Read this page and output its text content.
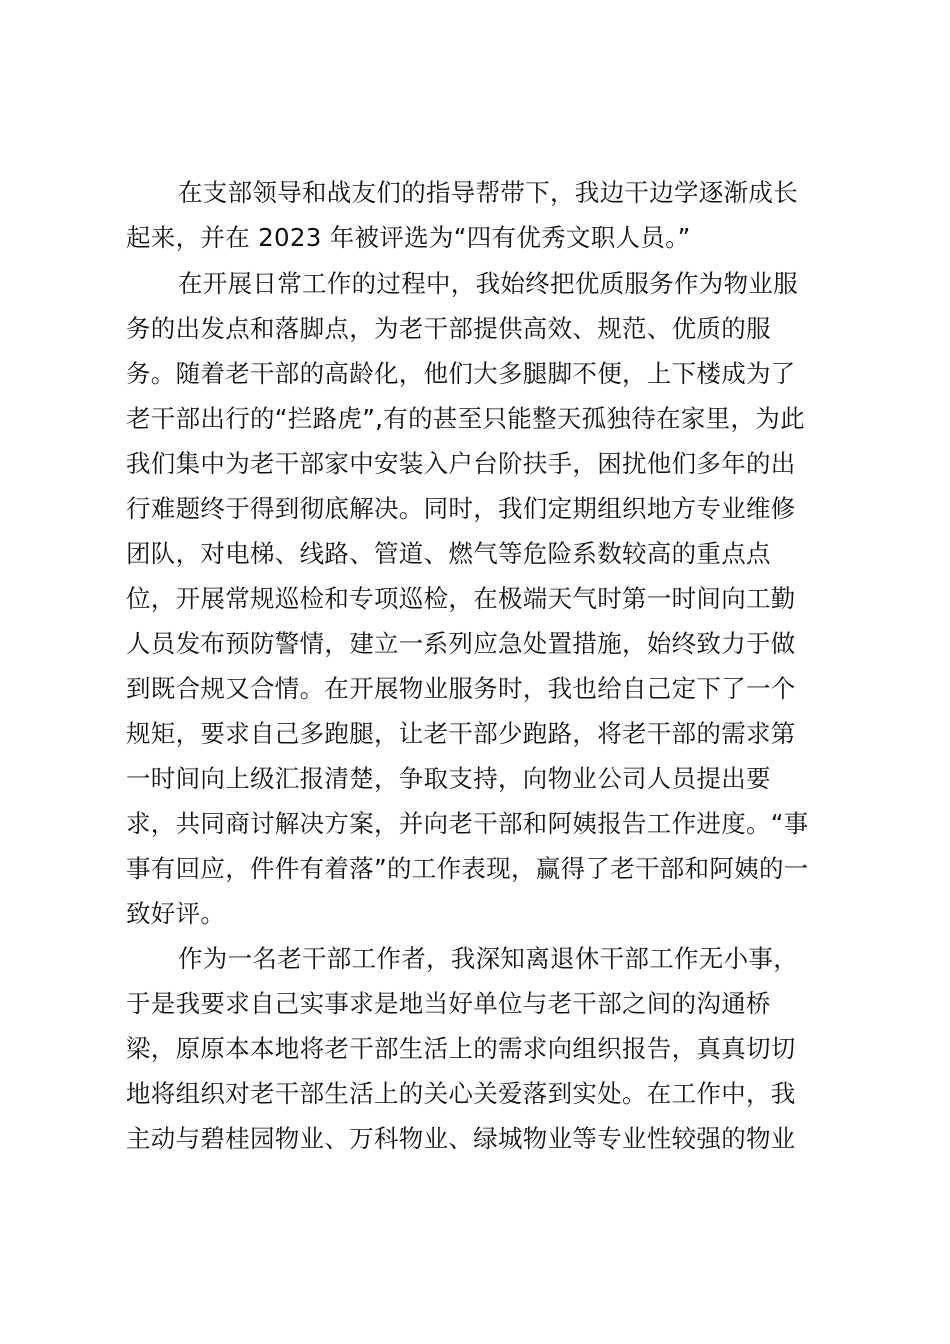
在支部领导和战友们的指导帮带下，我边干边学逐渐成长
起来，并在 2023 年被评选为“四有优秀文职人员。”
在开展日常工作的过程中，我始终把优质服务作为物业服
务的出发点和落脚点，为老干部提供高效、规范、优质的服
务。随着老干部的高龄化，他们大多腿脚不便，上下楼成为了
老干部出行的“拦路虎”,有的甚至只能整天孤独待在家里，为此
我们集中为老干部家中安装入户台阶扶手，困扰他们多年的出
行难题终于得到彻底解决。同时，我们定期组织地方专业维修
团队，对电梯、线路、管道、燃气等危险系数较高的重点点
位，开展常规巡检和专项巡检，在极端天气时第一时间向工勤
人员发布预防警情，建立一系列应急处置措施，始终致力于做
到既合规又合情。在开展物业服务时，我也给自己定下了一个
规矩，要求自己多跑腿，让老干部少跑路，将老干部的需求第
一时间向上级汇报清楚，争取支持，向物业公司人员提出要
求，共同商讨解决方案，并向老干部和阿姨报告工作进度。“事
事有回应，件件有着落”的工作表现，赢得了老干部和阿姨的一
致好评。
作为一名老干部工作者，我深知离退休干部工作无小事，
于是我要求自己实事求是地当好单位与老干部之间的沟通桥
梁，原原本本地将老干部生活上的需求向组织报告，真真切切
地将组织对老干部生活上的关心关爱落到实处。在工作中，我
主动与碧桂园物业、万科物业、绿城物业等专业性较强的物业
